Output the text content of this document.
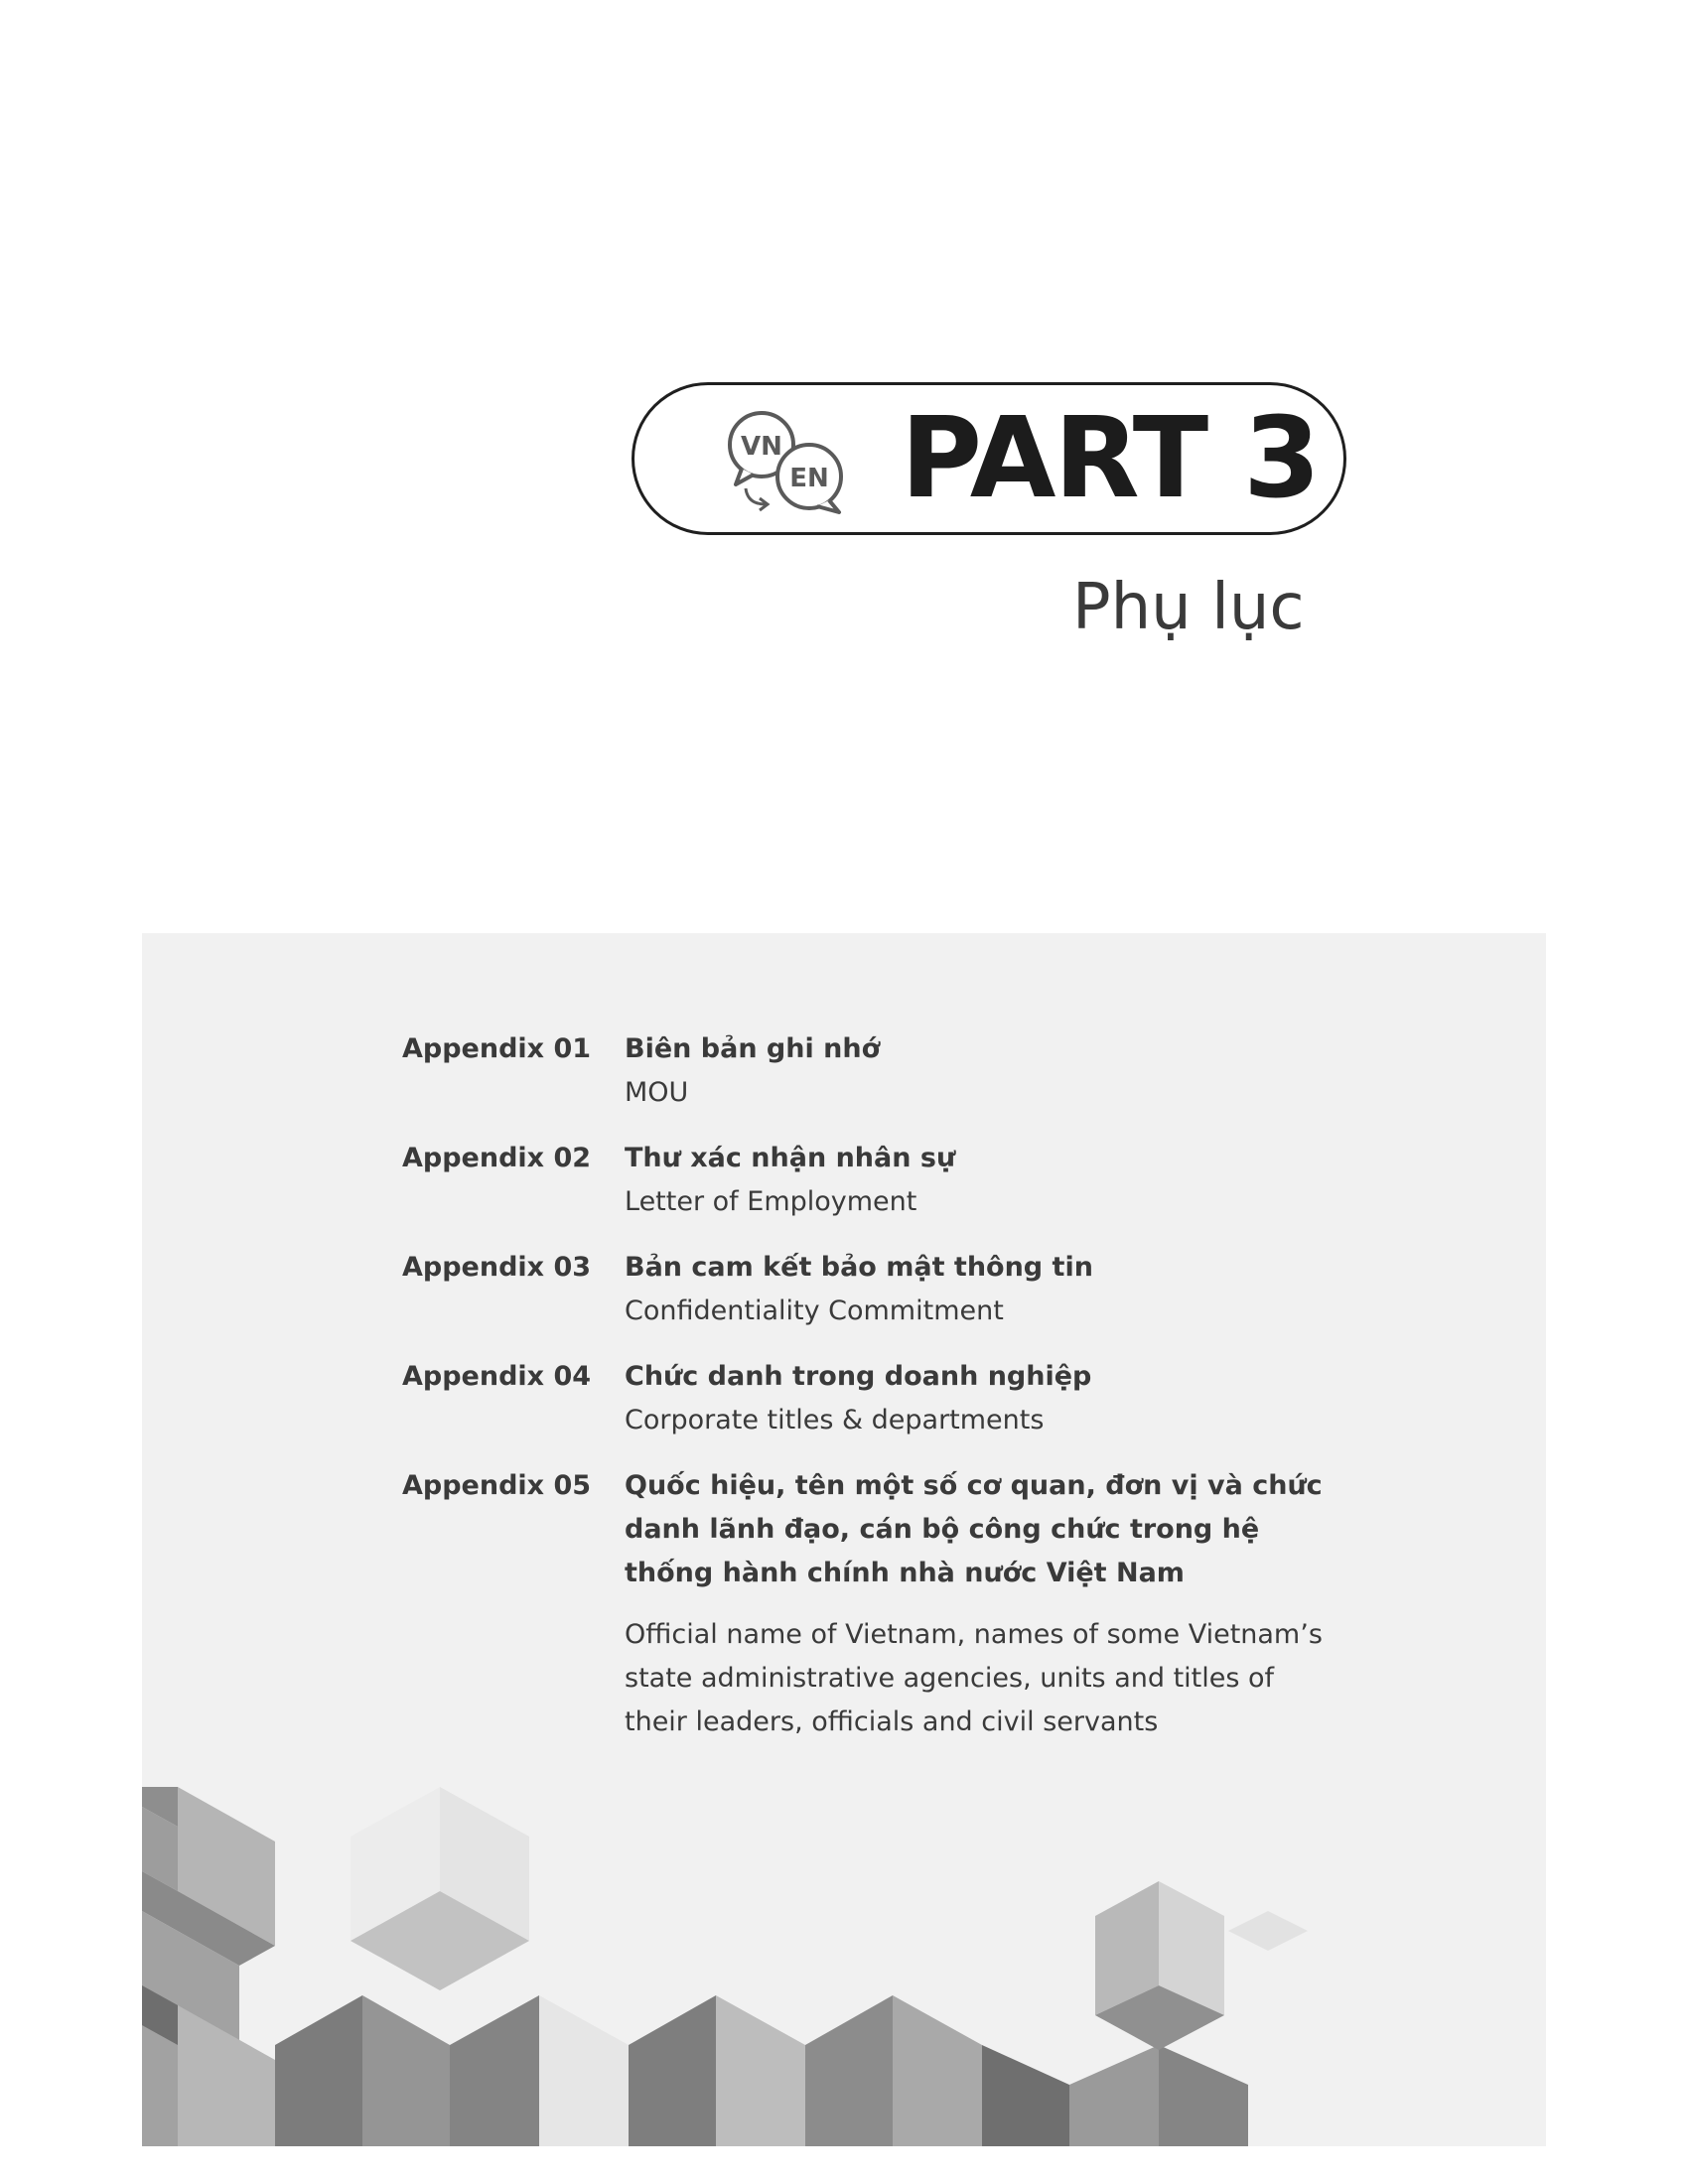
VN
EN PART 3
Phụ lục
Appendix 01 Biên bản ghi nhớ
MOU
Appendix 02 Thư xác nhận nhân sự
Letter of Employment
Appendix 03 Bản cam kết bảo mật thông tin
Confidentiality Commitment
Appendix 04 Chức danh trong doanh nghiệp
Corporate titles & departments
Appendix 05 Quốc hiệu, tên một số cơ quan, đơn vị và chức danh lãnh đạo, cán bộ công chức trong hệ thống hành chính nhà nước Việt Nam
Official name of Vietnam, names of some Vietnam’s state administrative agencies, units and titles of their leaders, officials and civil servants
